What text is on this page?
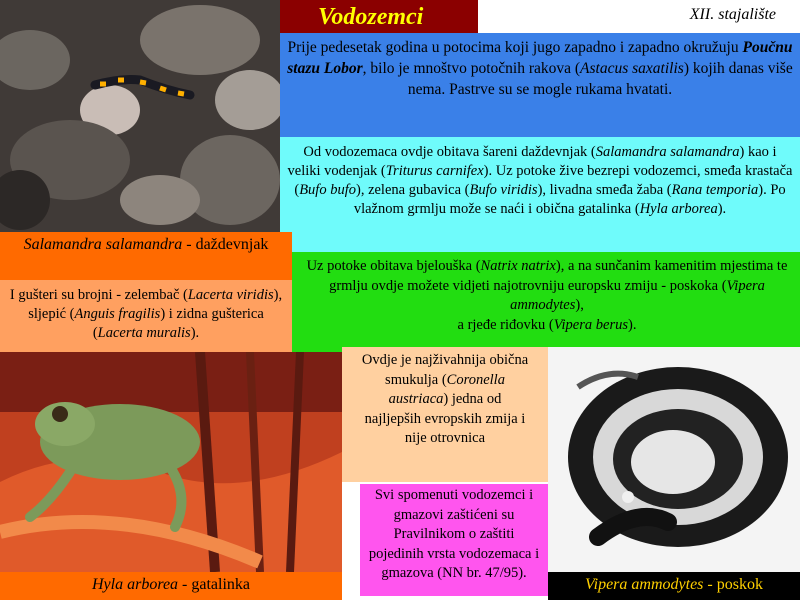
Vodozemci	XII. stajalište
Prije pedesetak godina u potocima koji jugo zapadno i zapadno okružuju Poučnu stazu Lobor, bilo je mnoštvo potočnih rakova (Astacus saxatilis) kojih danas više nema. Pastrve su se mogle rukama hvatati.
Od vodozemaca ovdje obitava šareni daždevnjak (Salamandra salamandra) kao i veliki vodenjak (Triturus carnifex). Uz potoke žive bezrepi vodozemci, smeđa krastača (Bufo bufo), zelena gubavica (Bufo viridis), livadna smeđa žaba (Rana temporia). Po vlažnom grmlju može se naći i obična gatalinka (Hyla arborea).
Salamandra salamandra - daždevnjak
I gušteri su brojni - zelembač (Lacerta viridis), sljepić (Anguis fragilis) i zidna gušterica (Lacerta muralis).
Uz potoke obitava bjelouška (Natrix natrix), a na sunčanim kamenitim mjestima te grmlju ovdje možete vidjeti najotrovniju europsku zmiju - poskoka (Vipera ammodytes),
a rjeđe riđovku (Vipera berus).
Hyla arborea - gatalinka
Ovdje je najživahnija obična smukulja (Coronella austriaca) jedna od najljepših evropskih zmija i nije otrovnica
Svi spomenuti vodozemci i gmazovi zaštićeni su Pravilnikom o zaštiti pojedinih vrsta vodozemaca i gmazova (NN br. 47/95).
Vipera ammodytes - poskok
